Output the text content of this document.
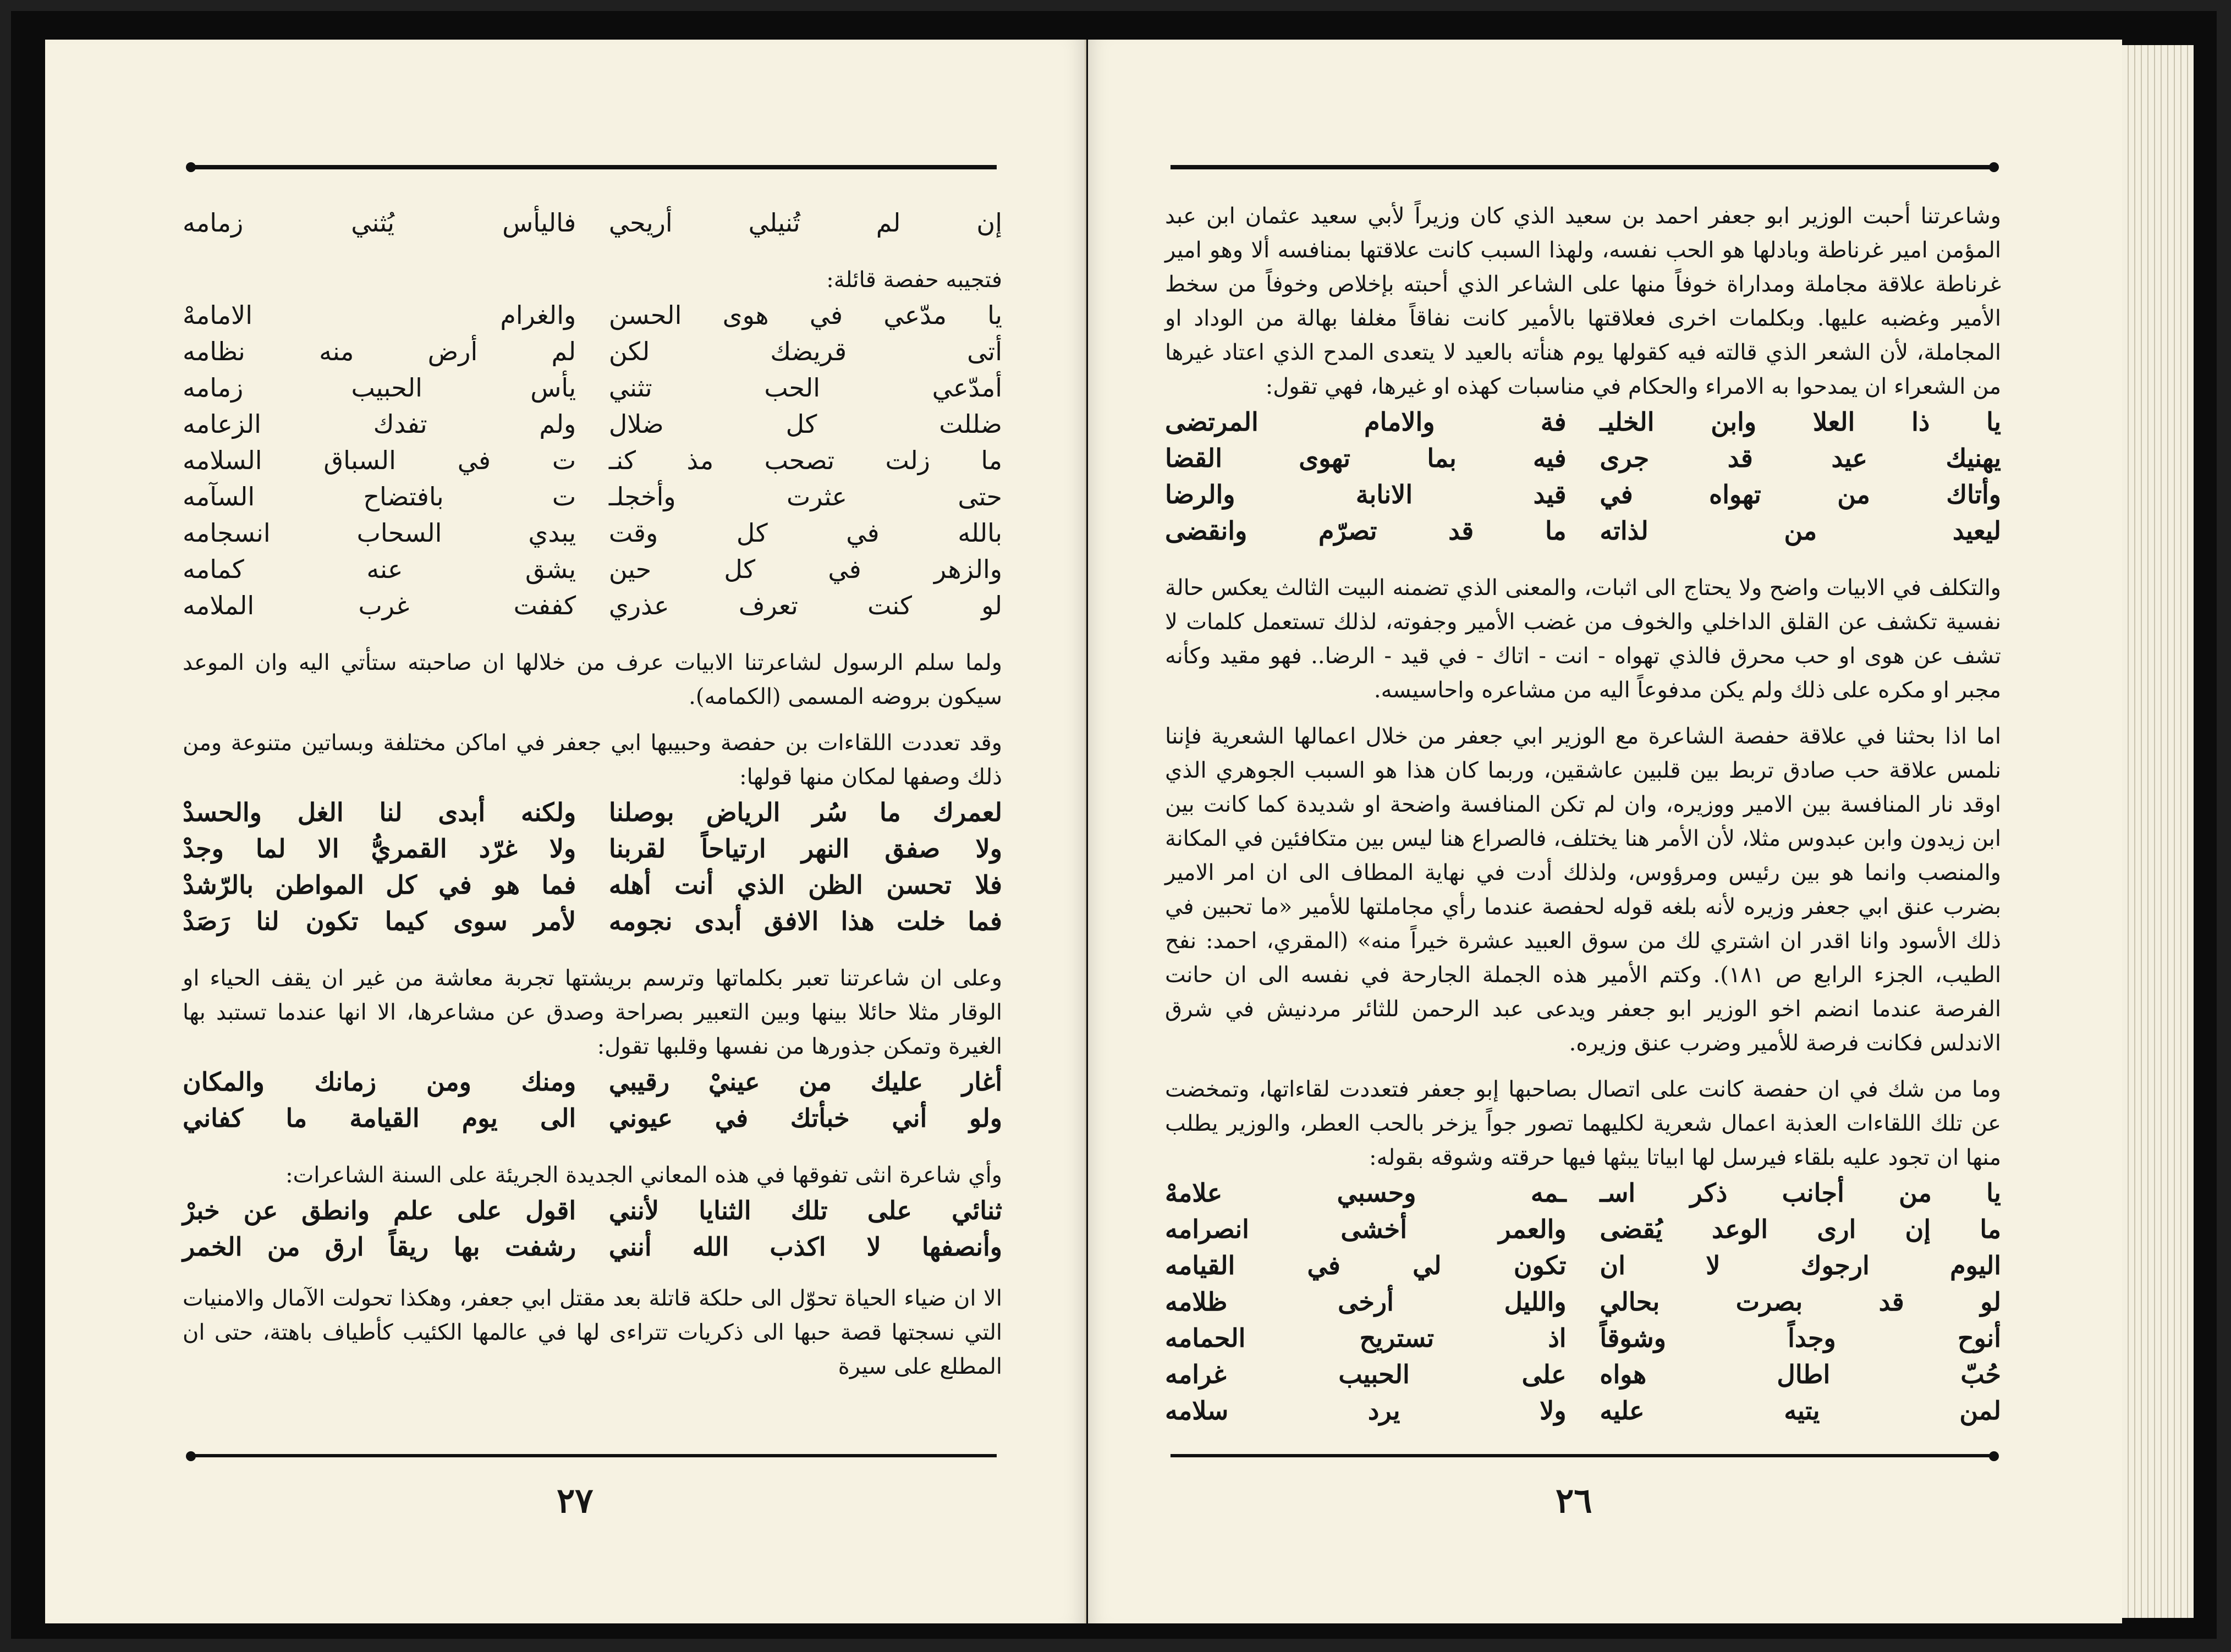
إن لم تُنيلي أريحي
فاليأس يُثني زمامه

فتجيبه حفصة قائلة:

يا مدّعي في هوى الحسن
والغرام الامامهْ
أتى قريضك لكن
لم أرض منه نظامه
أمدّعي الحب تثني
يأس الحبيب زمامه
ضللت كل ضلال
ولم تفدك الزعامه
ما زلت تصحب مذ كنـ
ت في السباق السلامه
حتى عثرت وأخجلـ
ت بافتضاح السآمه
بالله في كل وقت
يبدي السحاب انسجامه
والزهر في كل حين
يشق عنه كمامه
لو كنت تعرف عذري
كففت غرب الملامه

ولما سلم الرسول لشاعرتنا الابيات عرف من خلالها ان صاحبته ستأتي اليه وان الموعد سيكون بروضه المسمى (الكمامه).

وقد تعددت اللقاءات بن حفصة وحبيبها ابي جعفر في اماكن مختلفة وبساتين متنوعة ومن ذلك وصفها لمكان منها قولها:

لعمرك ما سُر الرياض بوصلنا
ولكنه أبدى لنا الغل والحسدْ
ولا صفق النهر ارتياحاً لقربنا
ولا غرّد القمريُّ الا لما وجدْ
فلا تحسن الظن الذي أنت أهله
فما هو في كل المواطن بالرّشدْ
فما خلت هذا الافق أبدى نجومه
لأمر سوى كيما تكون لنا رَصَدْ

وعلى ان شاعرتنا تعبر بكلماتها وترسم بريشتها تجربة معاشة من غير ان يقف الحياء او الوقار مثلا حائلا بينها وبين التعبير بصراحة وصدق عن مشاعرها، الا انها عندما تستبد بها الغيرة وتمكن جذورها من نفسها وقلبها تقول:

أغار عليك من عينيْ رقيبي
ومنك ومن زمانك والمكان
ولو أني خبأتك في عيوني
الى يوم القيامة ما كفاني

وأي شاعرة انثى تفوقها في هذه المعاني الجديدة الجريئة على السنة الشاعرات:

ثنائي على تلك الثنايا لأنني
اقول على علم وانطق عن خبرْ
وأنصفها لا اكذب الله أنني
رشفت بها ريقاً ارق من الخمر

الا ان ضياء الحياة تحوّل الى حلكة قاتلة بعد مقتل ابي جعفر، وهكذا تحولت الآمال والامنيات التي نسجتها قصة حبها الى ذكريات تتراءى لها في عالمها الكئيب كأطياف باهتة، حتى ان المطلع على سيرة

٢٧

وشاعرتنا أحبت الوزير ابو جعفر احمد بن سعيد الذي كان وزيراً لأبي سعيد عثمان ابن عبد المؤمن امير غرناطة وبادلها هو الحب نفسه، ولهذا السبب كانت علاقتها بمنافسه ألا وهو امير غرناطة علاقة مجاملة ومداراة خوفاً منها على الشاعر الذي أحبته بإخلاص وخوفاً من سخط الأمير وغضبه عليها. وبكلمات اخرى فعلاقتها بالأمير كانت نفاقاً مغلفا بهالة من الوداد او المجاملة، لأن الشعر الذي قالته فيه كقولها يوم هنأته بالعيد لا يتعدى المدح الذي اعتاد غيرها من الشعراء ان يمدحوا به الامراء والحكام في مناسبات كهذه او غيرها، فهي تقول:

يا ذا العلا وابن الخليـ
فة والامام المرتضى
يهنيك عيد قد جرى
فيه بما تهوى القضا
وأتاك من تهواه في
قيد الانابة والرضا
ليعيد من لذاته
ما قد تصرّم وانقضى

والتكلف في الابيات واضح ولا يحتاج الى اثبات، والمعنى الذي تضمنه البيت الثالث يعكس حالة نفسية تكشف عن القلق الداخلي والخوف من غضب الأمير وجفوته، لذلك تستعمل كلمات لا تشف عن هوى او حب محرق فالذي تهواه - انت - اتاك - في قيد - الرضا.. فهو مقيد وكأنه مجبر او مكره على ذلك ولم يكن مدفوعاً اليه من مشاعره واحاسيسه.

اما اذا بحثنا في علاقة حفصة الشاعرة مع الوزير ابي جعفر من خلال اعمالها الشعرية فإننا نلمس علاقة حب صادق تربط بين قلبين عاشقين، وربما كان هذا هو السبب الجوهري الذي اوقد نار المنافسة بين الامير ووزيره، وان لم تكن المنافسة واضحة او شديدة كما كانت بين ابن زيدون وابن عبدوس مثلا، لأن الأمر هنا يختلف، فالصراع هنا ليس بين متكافئين في المكانة والمنصب وانما هو بين رئيس ومرؤوس، ولذلك أدت في نهاية المطاف الى ان امر الامير بضرب عنق ابي جعفر وزيره لأنه بلغه قوله لحفصة عندما رأي مجاملتها للأمير «ما تحبين في ذلك الأسود وانا اقدر ان اشتري لك من سوق العبيد عشرة خيراً منه» (المقري، احمد: نفح الطيب، الجزء الرابع ص ١٨١). وكتم الأمير هذه الجملة الجارحة في نفسه الى ان حانت الفرصة عندما انضم اخو الوزير ابو جعفر ويدعى عبد الرحمن للثائر مردنيش في شرق الاندلس فكانت فرصة للأمير وضرب عنق وزيره.

وما من شك في ان حفصة كانت على اتصال بصاحبها إبو جعفر فتعددت لقاءاتها، وتمخضت عن تلك اللقاءات العذبة اعمال شعرية لكليهما تصور جواً يزخر بالحب العطر، والوزير يطلب منها ان تجود عليه بلقاء فيرسل لها ابياتا يبثها فيها حرقته وشوقه بقوله:

يا من أجانب ذكر اسـ
ـمه وحسبي علامهْ
ما إن ارى الوعد يُقضى
والعمر أخشى انصرامه
اليوم ارجوك لا ان
تكون لي في القيامه
لو قد بصرت بحالي
والليل أرخى ظلامه
أنوح وجداً وشوقاً
اذ تستريح الحمامه
حُبّ اطال هواه
على الحبيب غرامه
لمن يتيه عليه
ولا يرد سلامه
٢٦
